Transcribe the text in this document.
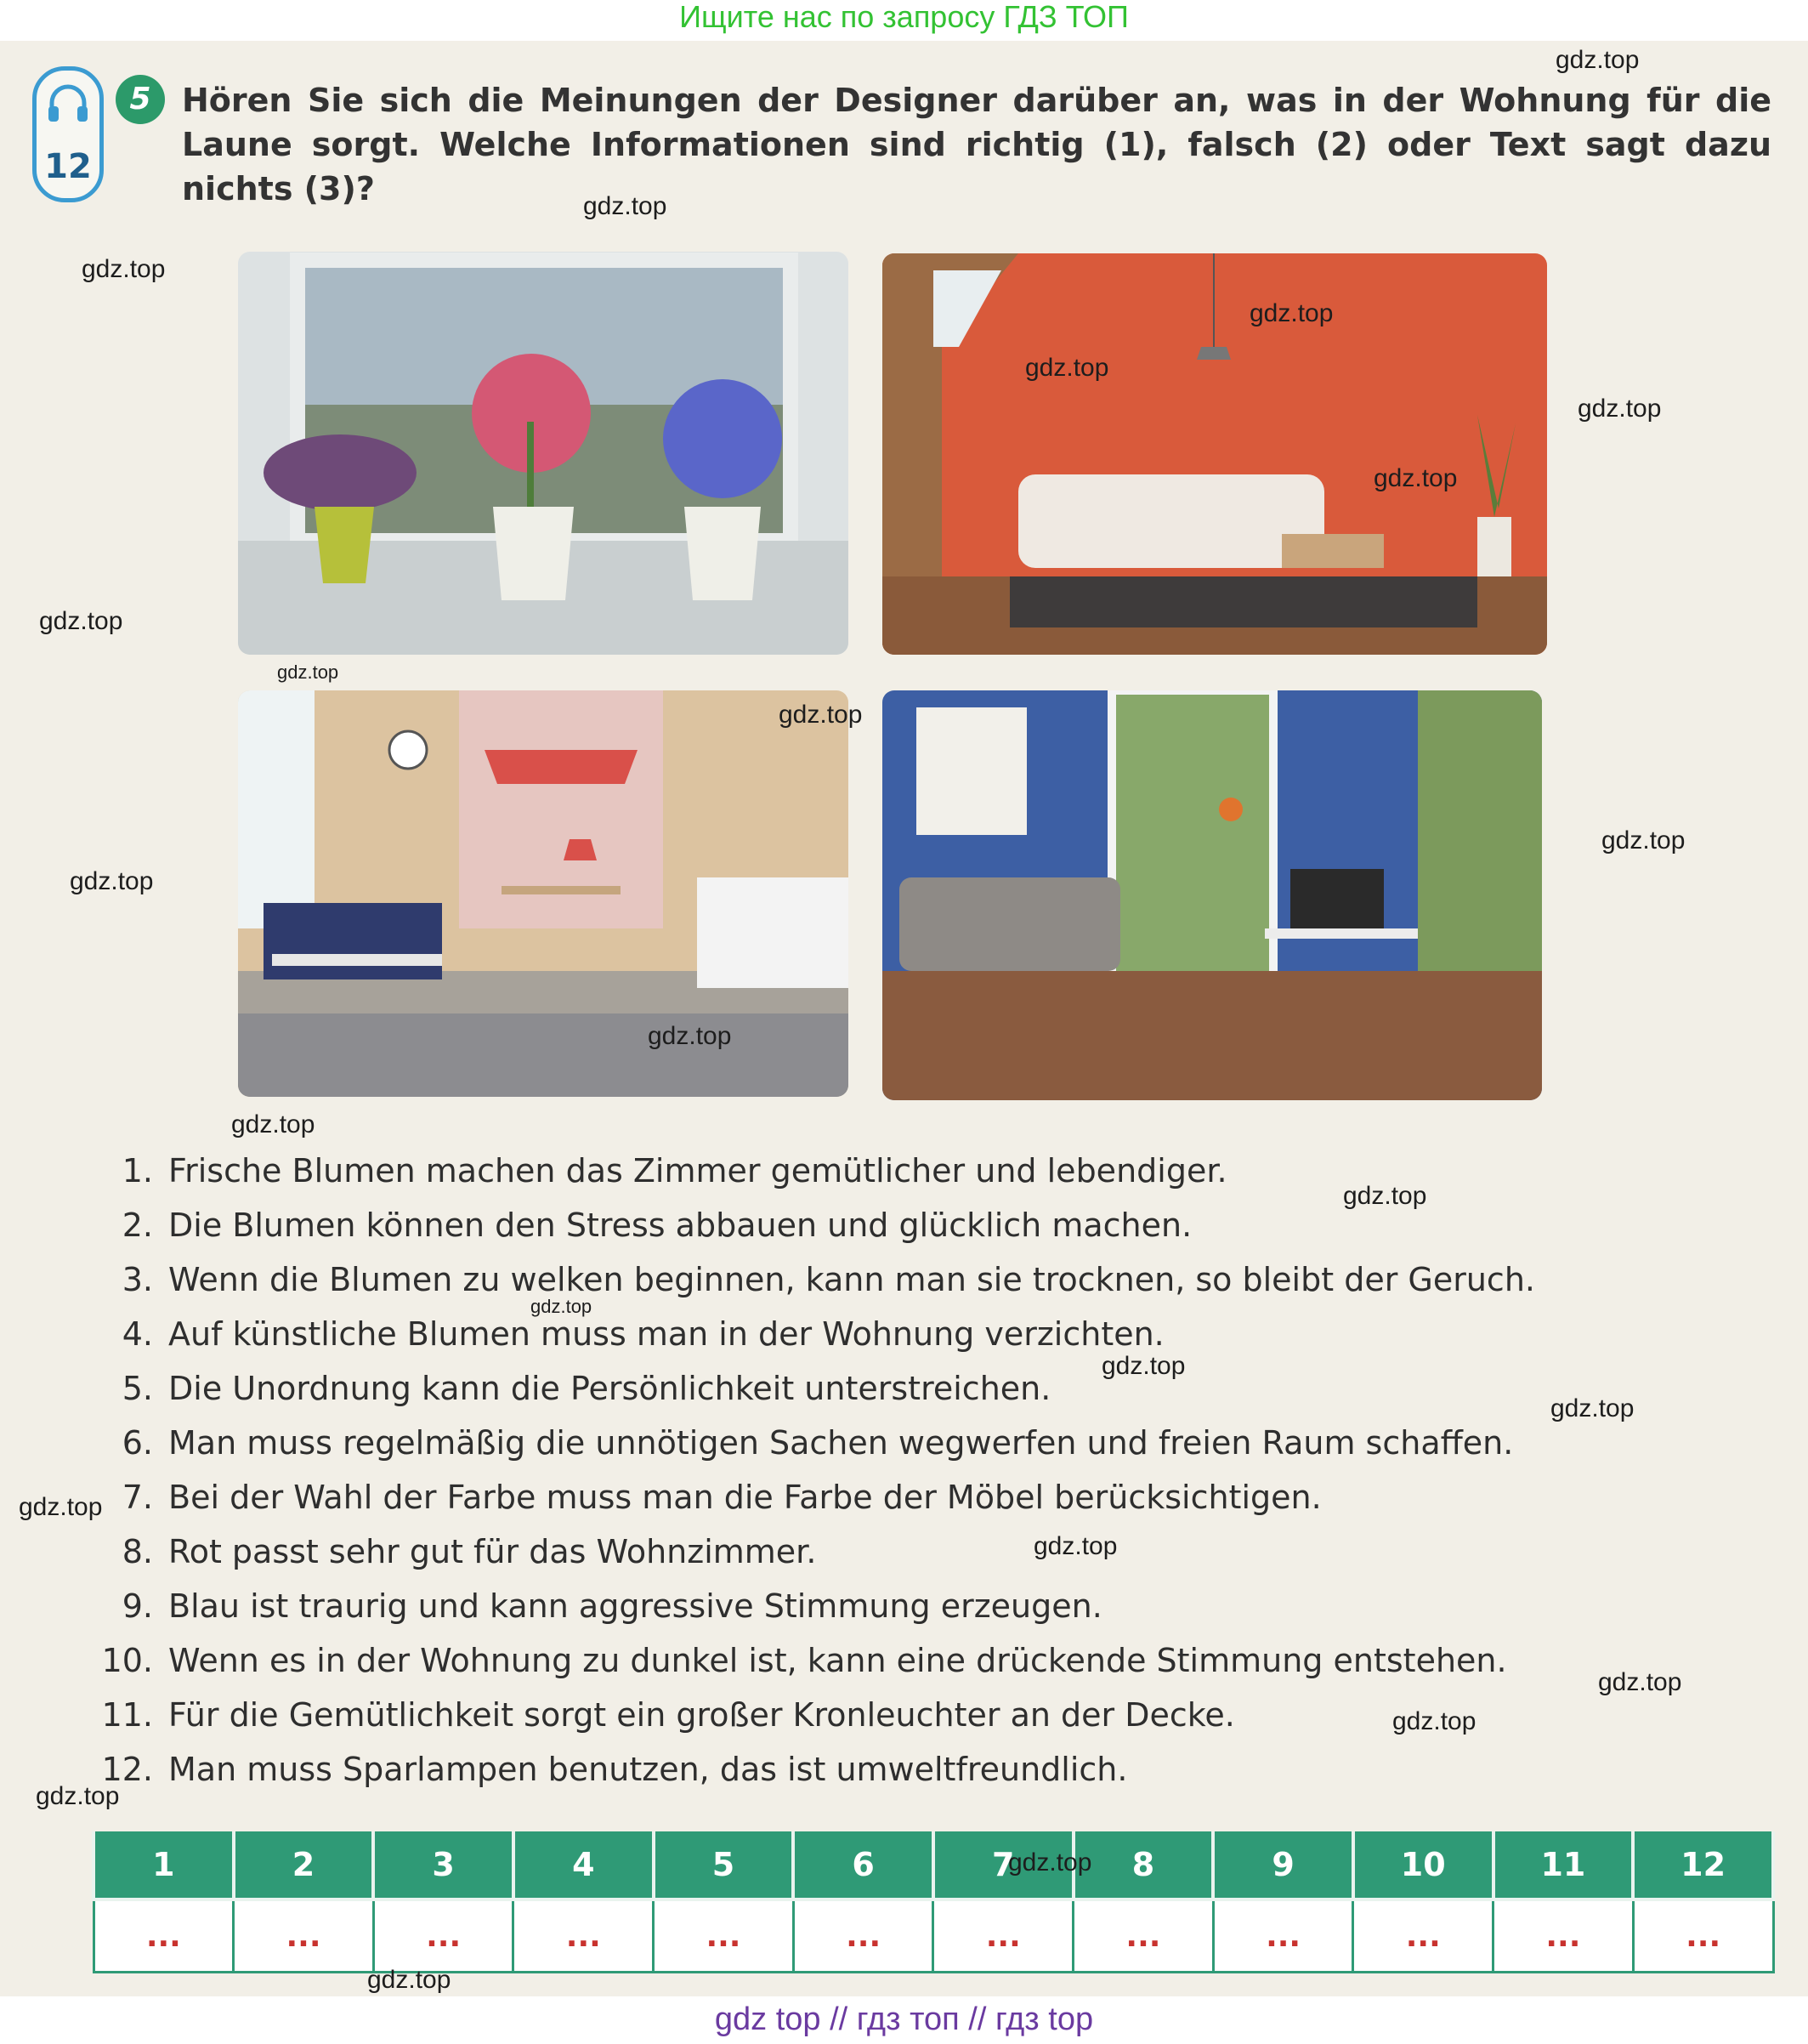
Ищите нас по запросу ГДЗ ТОП
12
5 Hören Sie sich die Meinungen der Designer darüber an, was in der Wohnung für die Laune sorgt. Welche Informationen sind richtig (1), falsch (2) oder Text sagt dazu nichts (3)?

1. Frische Blumen machen das Zimmer gemütlicher und lebendiger.
2. Die Blumen können den Stress abbauen und glücklich machen.
3. Wenn die Blumen zu welken beginnen, kann man sie trocknen, so bleibt der Geruch.
4. Auf künstliche Blumen muss man in der Wohnung verzichten.
5. Die Unordnung kann die Persönlichkeit unterstreichen.
6. Man muss regelmäßig die unnötigen Sachen wegwerfen und freien Raum schaffen.
7. Bei der Wahl der Farbe muss man die Farbe der Möbel berücksichtigen.
8. Rot passt sehr gut für das Wohnzimmer.
9. Blau ist traurig und kann aggressive Stimmung erzeugen.
10. Wenn es in der Wohnung zu dunkel ist, kann eine drückende Stimmung entstehen.
11. Für die Gemütlichkeit sorgt ein großer Kronleuchter an der Decke.
12. Man muss Sparlampen benutzen, das ist umweltfreundlich.
1	2	3	4	5	6	7	8	9	10	11	12
...	...	...	...	...	...	...	...	...	...	...	...
gdz.top
gdz.top
gdz.top
gdz.top
gdz.top
gdz.top
gdz.top
gdz.top
gdz.top
gdz.top
gdz.top
gdz.top
gdz.top
gdz.top
gdz.top
gdz.top
gdz.top
gdz.top
gdz.top
gdz.top
gdz.top
gdz.top
gdz.top
gdz.top
gdz.top
gdz top // гдз топ // гдз top
